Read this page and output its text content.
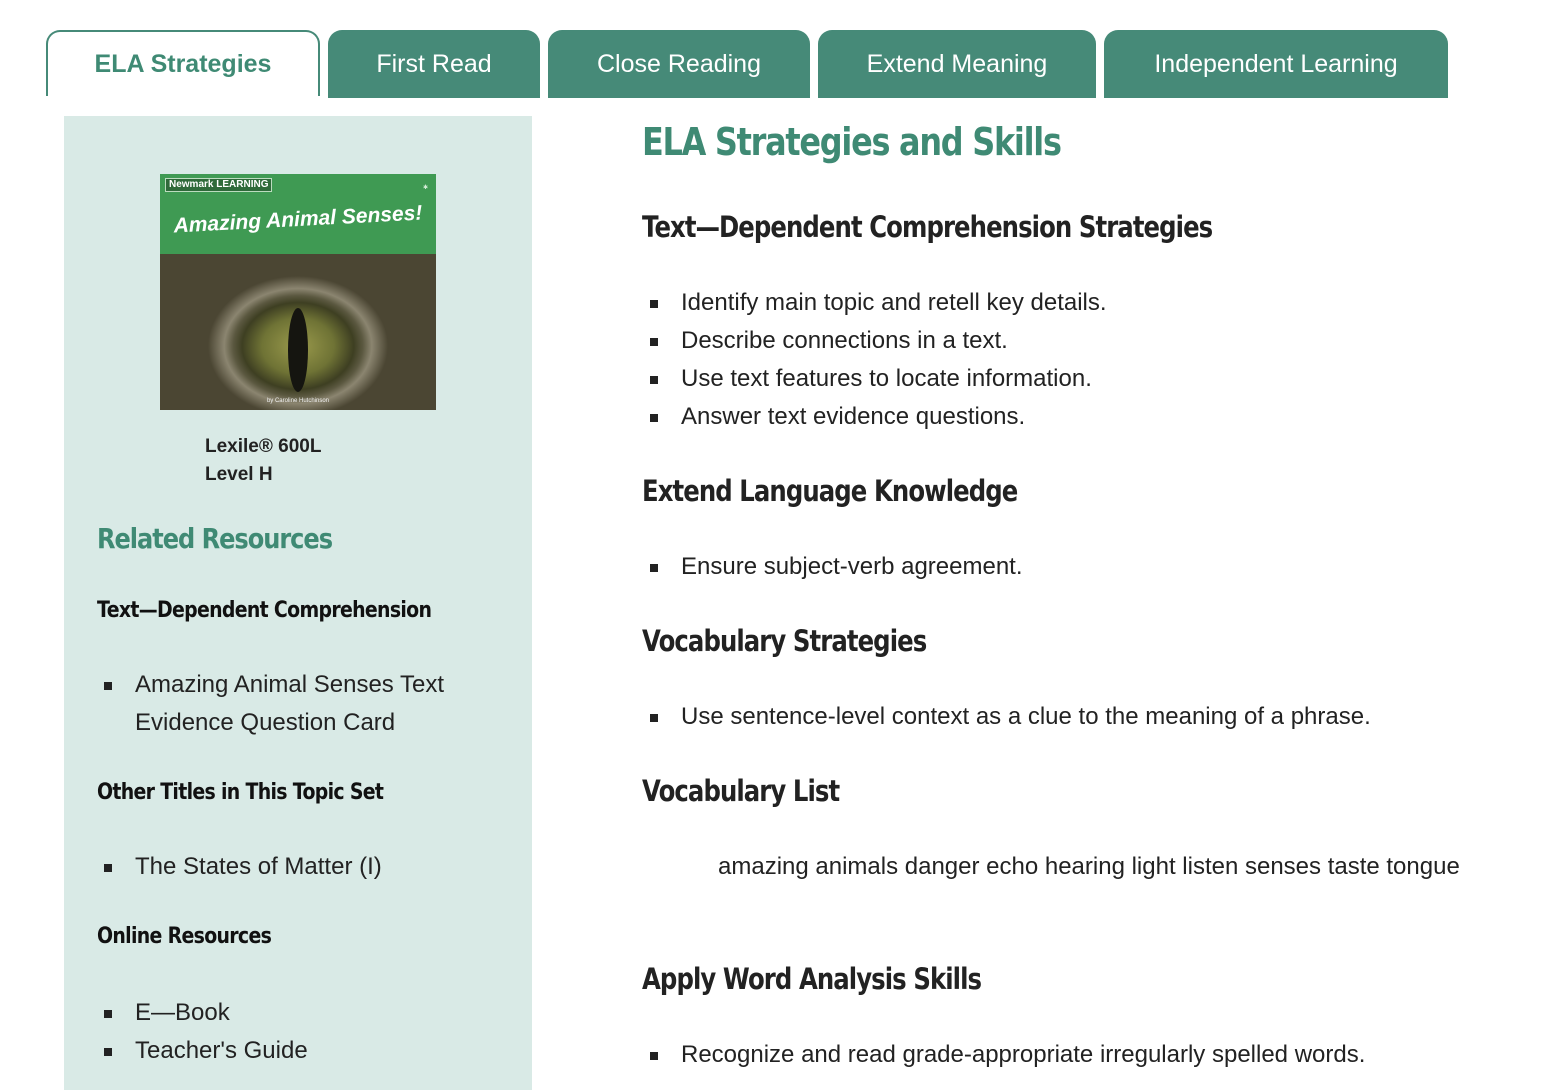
ELA Strategies	First Read	Close Reading	Extend Meaning	Independent Learning
Newmark LEARNING	✱
Amazing Animal Senses!
by Caroline Hutchinson
Lexile® 600L
Level H
Related Resources
Text—Dependent Comprehension
Amazing Animal Senses Text Evidence Question Card
Other Titles in This Topic Set
The States of Matter (I)
Online Resources
E—Book
Teacher's Guide
ELA Strategies and Skills
Text—Dependent Comprehension Strategies
Identify main topic and retell key details.
Describe connections in a text.
Use text features to locate information.
Answer text evidence questions.
Extend Language Knowledge
Ensure subject-verb agreement.
Vocabulary Strategies
Use sentence-level context as a clue to the meaning of a phrase.
Vocabulary List
amazing animals danger echo hearing light listen senses taste tongue
Apply Word Analysis Skills
Recognize and read grade-appropriate irregularly spelled words.
